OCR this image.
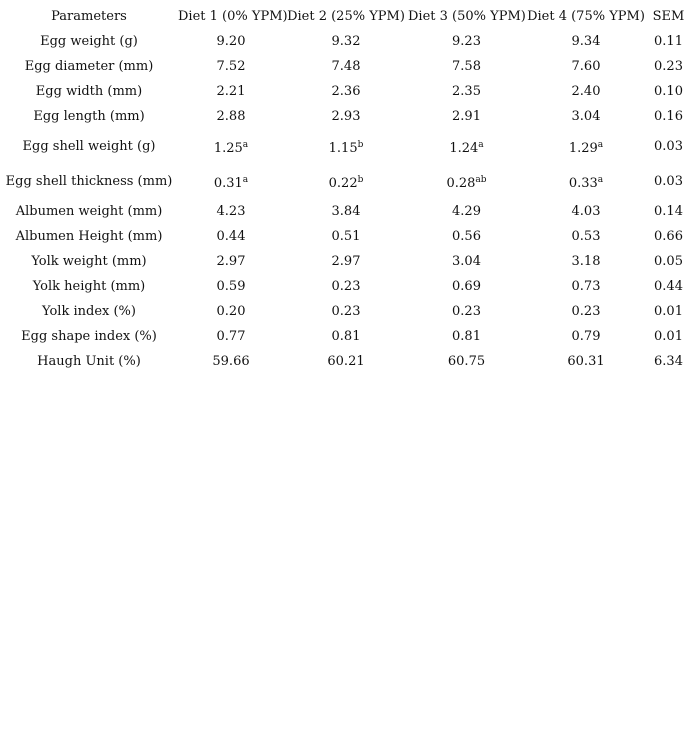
Parameters	Diet 1 (0% YPM)	Diet 2 (25% YPM)	Diet 3 (50% YPM)	Diet 4 (75% YPM)	SEM
Egg weight (g)	9.20	9.32	9.23	9.34	0.11
Egg diameter (mm)	7.52	7.48	7.58	7.60	0.23
Egg width (mm)	2.21	2.36	2.35	2.40	0.10
Egg length (mm)	2.88	2.93	2.91	3.04	0.16
Egg shell weight (g)	1.25$^a$	1.15$^b$	1.24$^a$	1.29$^a$	0.03
Egg shell thickness (mm)	0.31$^a$	0.22$^b$	0.28$^{ab}$	0.33$^a$	0.03
Albumen weight (mm)	4.23	3.84	4.29	4.03	0.14
Albumen Height (mm)	0.44	0.51	0.56	0.53	0.66
Yolk weight (mm)	2.97	2.97	3.04	3.18	0.05
Yolk height (mm)	0.59	0.23	0.69	0.73	0.44
Yolk index (%)	0.20	0.23	0.23	0.23	0.01
Egg shape index (%)	0.77	0.81	0.81	0.79	0.01
Haugh Unit (%)	59.66	60.21	60.75	60.31	6.34
